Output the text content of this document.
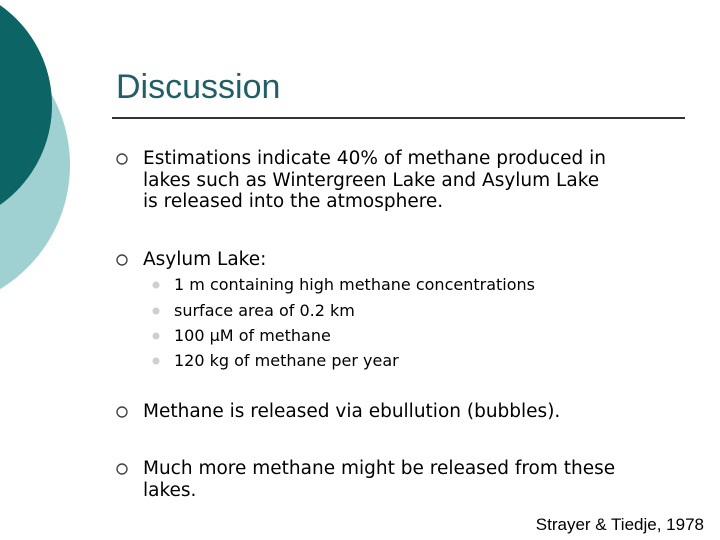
Discussion

Estimations indicate 40% of methane produced in
lakes such as Wintergreen Lake and Asylum Lake
is released into the atmosphere.

Asylum Lake:

1 m containing high methane concentrations
surface area of 0.2 km
100 µM of methane
120 kg of methane per year

Methane is released via ebullution (bubbles).

Much more methane might be released from these
lakes.

Strayer & Tiedje, 1978
